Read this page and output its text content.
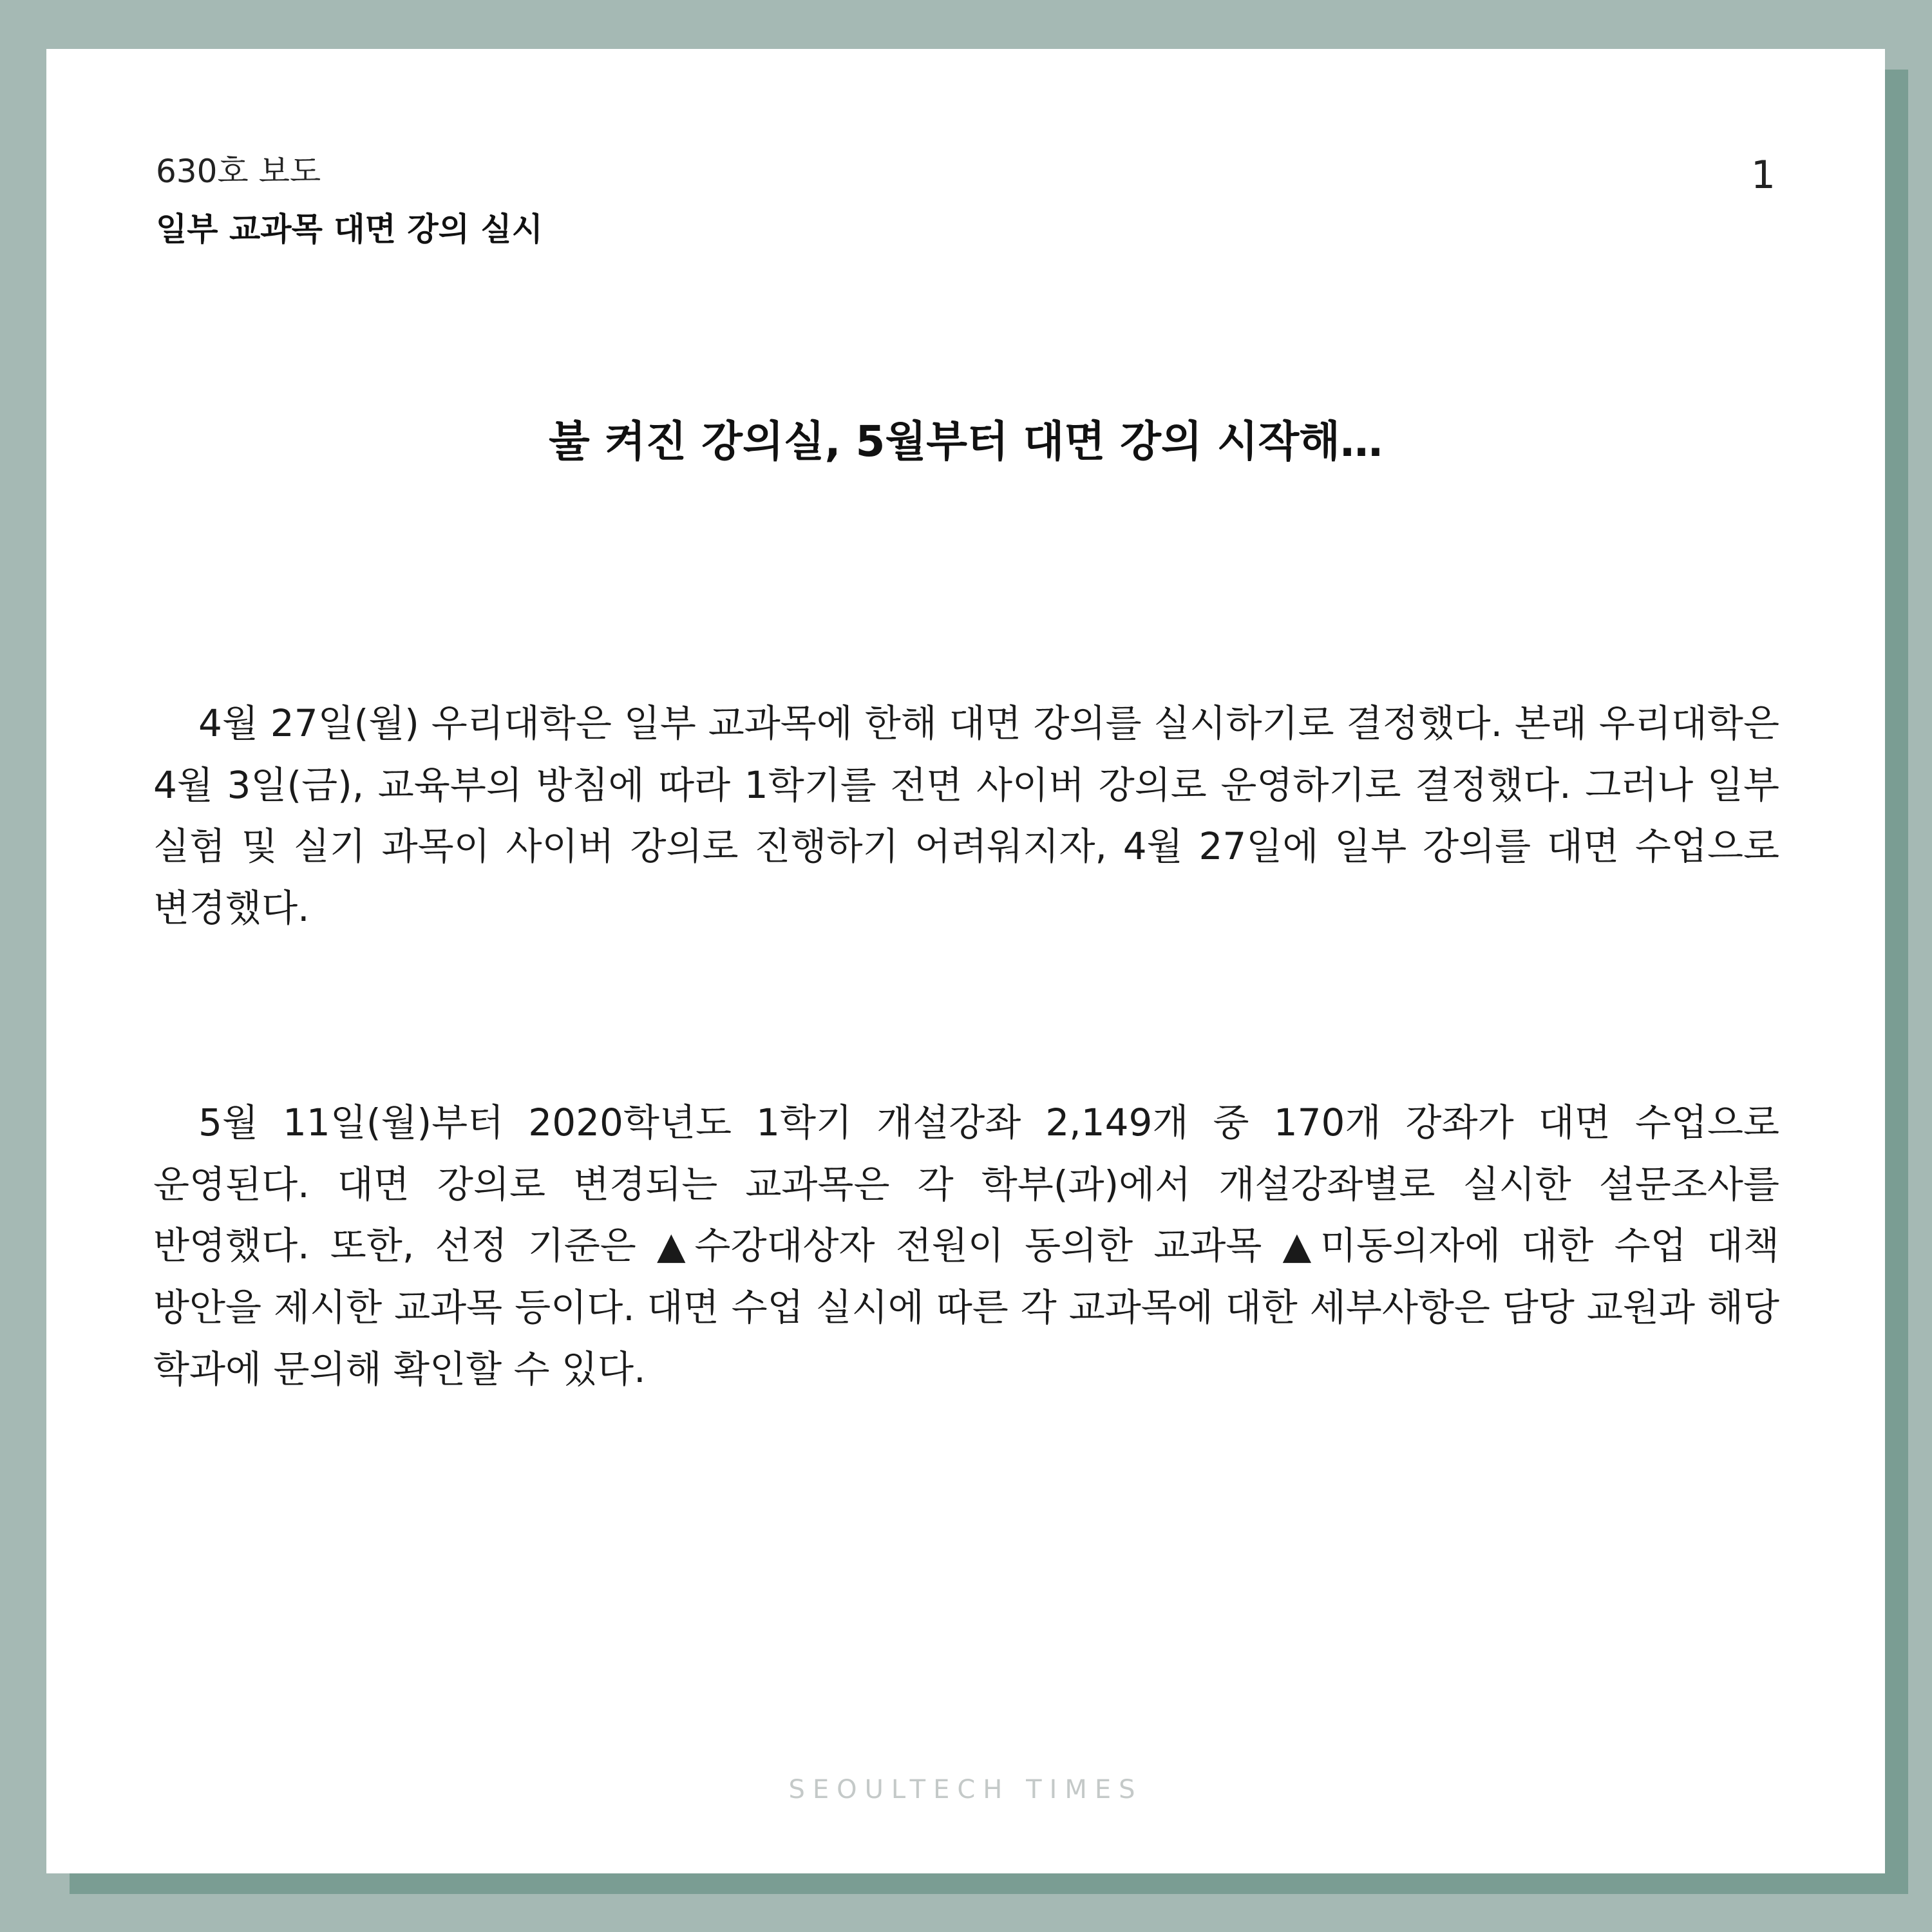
630호 보도
일부 교과목 대면 강의 실시
1
불 켜진 강의실, 5월부터 대면 강의 시작해…

4월 27일(월) 우리대학은 일부 교과목에 한해 대면 강의를 실시하기로 결정했다. 본래 우리대학은 4월 3일(금), 교육부의 방침에 따라 1학기를 전면 사이버 강의로 운영하기로 결정했다. 그러나 일부 실험 및 실기 과목이 사이버 강의로 진행하기 어려워지자, 4월 27일에 일부 강의를 대면 수업으로 변경했다.

5월 11일(월)부터 2020학년도 1학기 개설강좌 2,149개 중 170개 강좌가 대면 수업으로 운영된다. 대면 강의로 변경되는 교과목은 각 학부(과)에서 개설강좌별로 실시한 설문조사를 반영했다. 또한, 선정 기준은 ▲수강대상자 전원이 동의한 교과목 ▲미동의자에 대한 수업 대책 방안을 제시한 교과목 등이다. 대면 수업 실시에 따른 각 교과목에 대한 세부사항은 담당 교원과 해당 학과에 문의해 확인할 수 있다.

SEOULTECH TIMES
